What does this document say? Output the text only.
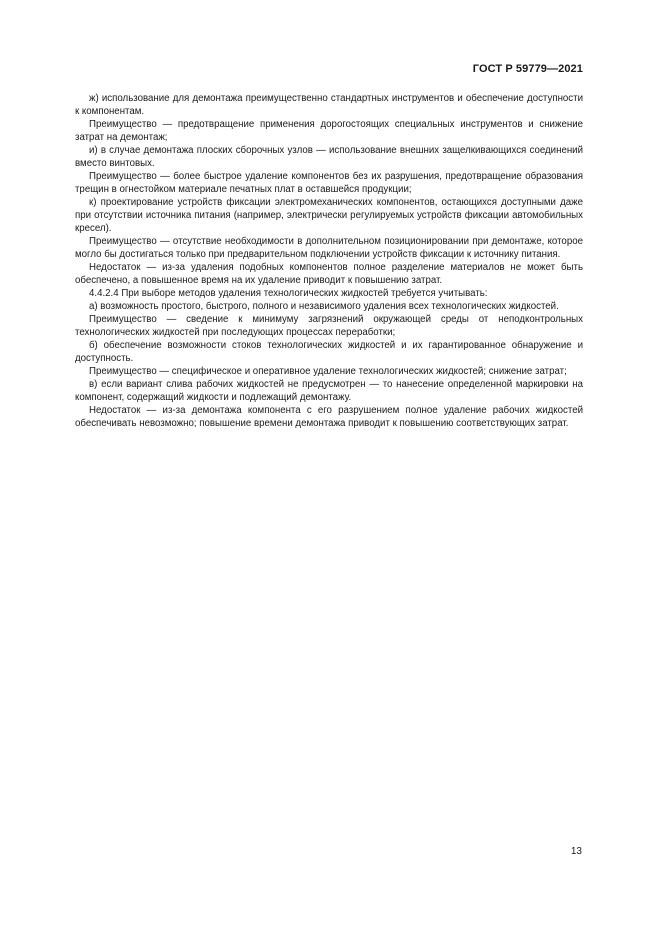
ГОСТ Р 59779—2021

ж) использование для демонтажа преимущественно стандартных инструментов и обеспечение доступности к компонентам.

Преимущество — предотвращение применения дорогостоящих специальных инструментов и снижение затрат на демонтаж;

и) в случае демонтажа плоских сборочных узлов — использование внешних защелкивающихся соединений вместо винтовых.

Преимущество — более быстрое удаление компонентов без их разрушения, предотвращение образования трещин в огнестойком материале печатных плат в оставшейся продукции;

к) проектирование устройств фиксации электромеханических компонентов, остающихся доступными даже при отсутствии источника питания (например, электрически регулируемых устройств фиксации автомобильных кресел).

Преимущество — отсутствие необходимости в дополнительном позиционировании при демонтаже, которое могло бы достигаться только при предварительном подключении устройств фиксации к источнику питания.

Недостаток — из-за удаления подобных компонентов полное разделение материалов не может быть обеспечено, а повышенное время на их удаление приводит к повышению затрат.

4.4.2.4 При выборе методов удаления технологических жидкостей требуется учитывать:

а) возможность простого, быстрого, полного и независимого удаления всех технологических жидкостей.

Преимущество — сведение к минимуму загрязнений окружающей среды от неподконтрольных технологических жидкостей при последующих процессах переработки;

б) обеспечение возможности стоков технологических жидкостей и их гарантированное обнаружение и доступность.

Преимущество — специфическое и оперативное удаление технологических жидкостей; снижение затрат;

в) если вариант слива рабочих жидкостей не предусмотрен — то нанесение определенной маркировки на компонент, содержащий жидкости и подлежащий демонтажу.

Недостаток — из-за демонтажа компонента с его разрушением полное удаление рабочих жидкостей обеспечивать невозможно; повышение времени демонтажа приводит к повышению соответствующих затрат.

13
